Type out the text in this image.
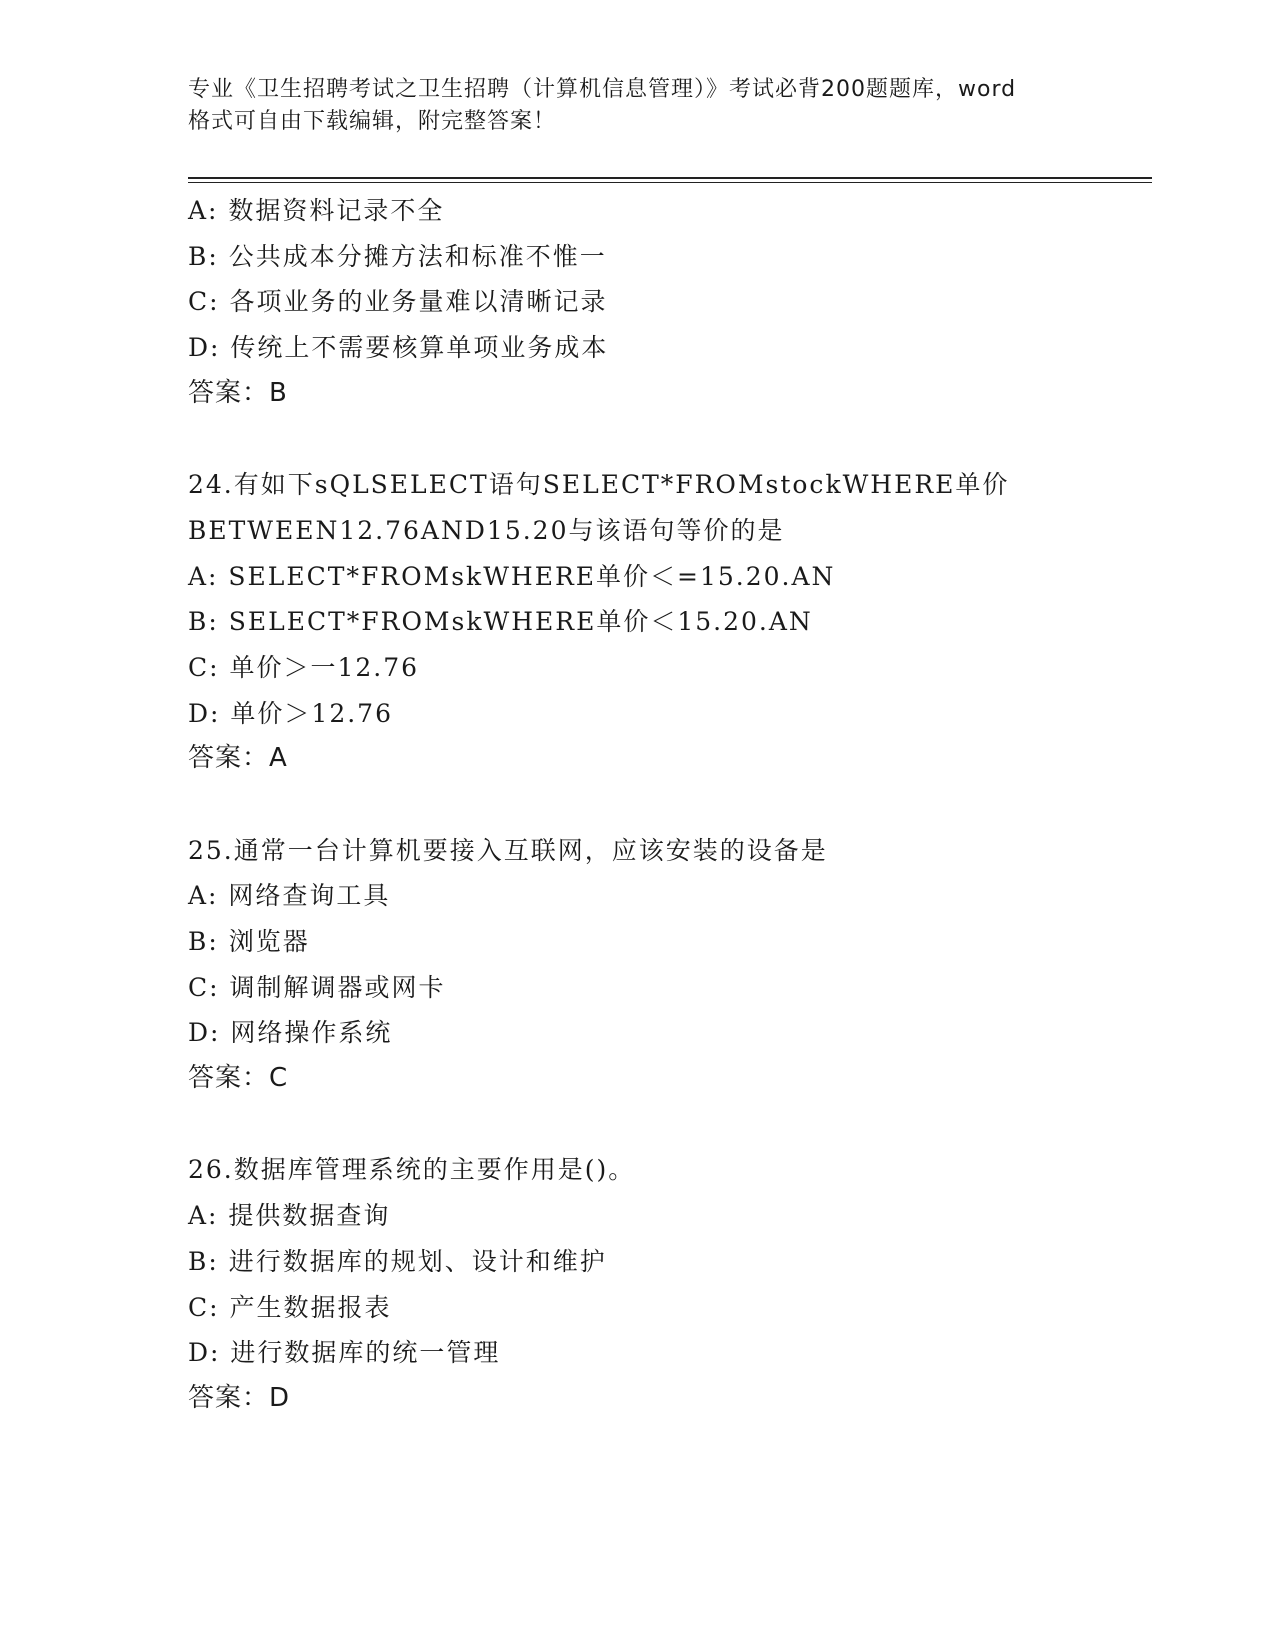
专业《卫生招聘考试之卫生招聘（计算机信息管理）》考试必背200题题库，word
格式可自由下载编辑，附完整答案！
A: 数据资料记录不全
B: 公共成本分摊方法和标准不惟一
C: 各项业务的业务量难以清晰记录
D: 传统上不需要核算单项业务成本
答案：B
24.有如下sQLSELECT语句SELECT*FROMstockWHERE单价
BETWEEN12.76AND15.20与该语句等价的是
A: SELECT*FROMskWHERE单价＜=15.20.AN
B: SELECT*FROMskWHERE单价＜15.20.AN
C: 单价＞一12.76
D: 单价＞12.76
答案：A
25.通常一台计算机要接入互联网，应该安装的设备是
A: 网络查询工具
B: 浏览器
C: 调制解调器或网卡
D: 网络操作系统
答案：C
26.数据库管理系统的主要作用是()。
A: 提供数据查询
B: 进行数据库的规划、设计和维护
C: 产生数据报表
D: 进行数据库的统一管理
答案：D
